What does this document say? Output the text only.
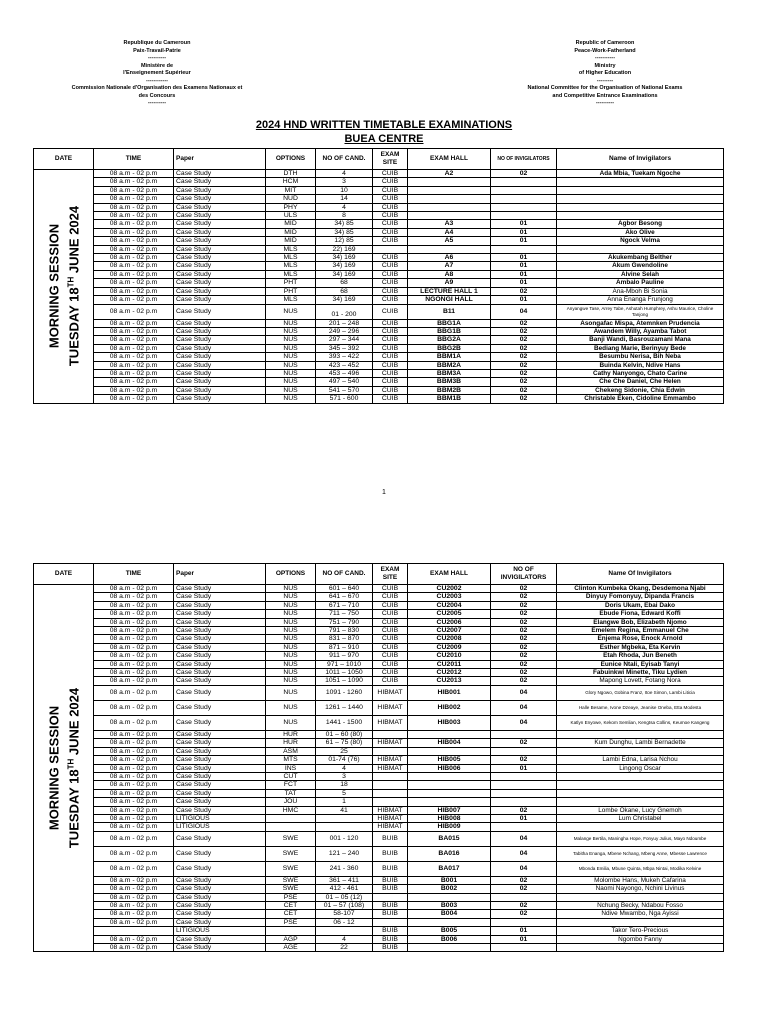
Republique du Cameroun
Paix-Travail-Patrie
----------
Ministère de
l'Enseignement Supérieur
------------
Commission Nationale d'Organisation des Examens Nationaux et
des Concours
----------
Republic of Cameroon
Peace-Work-Fatherland
-----------
Ministry
of Higher Education
---------
National Committee for the Organisation of National Exams
and Competitive Entrance Examinations
----------
2024 HND WRITTEN TIMETABLE EXAMINATIONS
BUEA CENTRE
DATE	TIME	Paper	OPTIONS	NO OF CAND.	EXAM SITE	EXAM HALL	NO OF INVIGILATORS	Name of Invigilators

MORNING SESSION TUESDAY 18TH JUNE 2024	08 a.m - 02 p.m	Case Study	DTH	4	CUIB	A2	02	Ada Mbia, Tuekam Ngoche
	08 a.m - 02 p.m	Case Study	HCM	3	CUIB			
	08 a.m - 02 p.m	Case Study	MIT	10	CUIB			
	08 a.m - 02 p.m	Case Study	NUD	14	CUIB			
	08 a.m - 02 p.m	Case Study	PHY	4	CUIB			
	08 a.m - 02 p.m	Case Study	ULS	8	CUIB			
	08 a.m - 02 p.m	Case Study	MID	34) 85	CUIB	A3	01	Agbor Besong
	08 a.m - 02 p.m	Case Study	MID	34) 85	CUIB	A4	01	Ako Olive
	08 a.m - 02 p.m	Case Study	MID	12) 85	CUIB	A5	01	Ngock Velma
	08 a.m - 02 p.m	Case Study	MLS	22) 169				
	08 a.m - 02 p.m	Case Study	MLS	34) 169	CUIB	A6	01	Akukembang Belther
	08 a.m - 02 p.m	Case Study	MLS	34) 169	CUIB	A7	01	Akum Gwendoline
	08 a.m - 02 p.m	Case Study	MLS	34) 169	CUIB	A8	01	Alvine Selah
	08 a.m - 02 p.m	Case Study	PHT	68	CUIB	A9	01	Ambalo Pauline
	08 a.m - 02 p.m	Case Study	PHT	68	CUIB	LECTURE HALL 1	02	Ana-Mboh Bi Sonia
	08 a.m - 02 p.m	Case Study	MLS	34) 169	CUIB	NGONGI HALL	01	Anna Enanga Frunjong
	08 a.m - 02 p.m	Case Study	NUS	01 - 200	CUIB	B11	04	Anyangwe Tase, Arrey Tabe, Ashutah Humphrey, Ashu Maurice, Choline Tanjong
	08 a.m - 02 p.m	Case Study	NUS	201 – 248	CUIB	BBG1A	02	Asongafac Mispa, Atemnken Prudencia
	08 a.m - 02 p.m	Case Study	NUS	249 – 296	CUIB	BBG1B	02	Awandem Willy, Ayamba Tabot
	08 a.m - 02 p.m	Case Study	NUS	297 – 344	CUIB	BBG2A	02	Banji Wandi, Basrouzamani Mana
	08 a.m - 02 p.m	Case Study	NUS	345 – 392	CUIB	BBG2B	02	Bediang Marie, Berinyuy Bede
	08 a.m - 02 p.m	Case Study	NUS	393 – 422	CUIB	BBM1A	02	Besumbu Nerisa, Bih Neba
	08 a.m - 02 p.m	Case Study	NUS	423 – 452	CUIB	BBM2A	02	Buinda Kelvin, Ndive Hans
	08 a.m - 02 p.m	Case Study	NUS	453 – 496	CUIB	BBM3A	02	Cathy Nanyongo, Chato Carine
	08 a.m - 02 p.m	Case Study	NUS	497 – 540	CUIB	BBM3B	02	Che Che Daniel, Che Helen
	08 a.m - 02 p.m	Case Study	NUS	541 – 570	CUIB	BBM2B	02	Chekeng Sidonie, Chia Edwin
	08 a.m - 02 p.m	Case Study	NUS	571 - 600	CUIB	BBM1B	02	Christable Eken, Cidoline Emmambo
1
DATE	TIME	Paper	OPTIONS	NO OF CAND.	EXAM SITE	EXAM HALL	NO OF INVIGILATORS	Name Of Invigilators

MORNING SESSION TUESDAY 18TH JUNE 2024	08 a.m - 02 p.m	Case Study	NUS	601 – 640	CUIB	CU2002	02	Clinton Kumbeka Okang, Desdemona Njabi
	08 a.m - 02 p.m	Case Study	NUS	641 – 670	CUIB	CU2003	02	Dinyuy Fomonyuy, Dipanda Francis
	08 a.m - 02 p.m	Case Study	NUS	671 – 710	CUIB	CU2004	02	Doris Ukam, Ebai Dako
	08 a.m - 02 p.m	Case Study	NUS	711 – 750	CUIB	CU2005	02	Ebude Fiona, Edward Koffi
	08 a.m - 02 p.m	Case Study	NUS	751 – 790	CUIB	CU2006	02	Elangwe Bob, Elizabeth Njomo
	08 a.m - 02 p.m	Case Study	NUS	791 – 830	CUIB	CU2007	02	Emelem Regina, Emmanuel Che
	08 a.m - 02 p.m	Case Study	NUS	831 – 870	CUIB	CU2008	02	Enjema Rose, Enock Arnold
	08 a.m - 02 p.m	Case Study	NUS	871 – 910	CUIB	CU2009	02	Esther Mgbeka, Eta Kervin
	08 a.m - 02 p.m	Case Study	NUS	911 – 970	CUIB	CU2010	02	Etah Rhoda, Jun Beneth
	08 a.m - 02 p.m	Case Study	NUS	971 – 1010	CUIB	CU2011	02	Eunice Ntali, Eyisab Tanyi
	08 a.m - 02 p.m	Case Study	NUS	1011 – 1050	CUIB	CU2012	02	Fabuinkwi Minette, Tiku Lydien
	08 a.m - 02 p.m	Case Study	NUS	1051 – 1090	CUIB	CU2013	02	Mapong Lovett, Fotang Nora
	08 a.m - 02 p.m	Case Study	NUS	1091 - 1260	HIBMAT	HIB001	04	Glory Ngowo, Gobina Franz, Itoe Simon, Lambi Liticia
	08 a.m - 02 p.m	Case Study	NUS	1261 – 1440	HIBMAT	HIB002	04	Halle Besame, Ivone Dzeaye, Jeanise Oneba, Etta Modesta
	08 a.m - 02 p.m	Case Study	NUS	1441 - 1500	HIBMAT	HIB003	04	Katlyn Enyowe, Kekom Semlian, Kengtsa Collins, Keumoe Kangeng
	08 a.m - 02 p.m	Case Study	HUR	01 – 60 (80)				
	08 a.m - 02 p.m	Case Study	HUR	61 – 75 (80)	HIBMAT	HIB004	02	Kum Dunghu, Lambi Bernadette
	08 a.m - 02 p.m	Case Study	ASM	25				
	08 a.m - 02 p.m	Case Study	MTS	01-74 (76)	HIBMAT	HIB005	02	Lambi Edna, Larisa Nchou
	08 a.m - 02 p.m	Case Study	INS	4	HIBMAT	HIB006	01	Lingong Oscar
	08 a.m - 02 p.m	Case Study	CUT	3				
	08 a.m - 02 p.m	Case Study	FCT	18				
	08 a.m - 02 p.m	Case Study	TAT	5				
	08 a.m - 02 p.m	Case Study	JOU	1				
	08 a.m - 02 p.m	Case Study	HMC	41	HIBMAT	HIB007	02	Lombe Okane, Lucy Gnemoh
	08 a.m - 02 p.m	LITIGIOUS			HIBMAT	HIB008	01	Lum Christabel
	08 a.m - 02 p.m	LITIGIOUS			HIBMAT	HIB009		
	08 a.m - 02 p.m	Case Study	SWE	001 - 120	BUIB	BA015	04	Malange Bertila, Maningha Hope, Fonyuy Julius, Mayo Ndoumbe
	08 a.m - 02 p.m	Case Study	SWE	121 – 240	BUIB	BA016	04	Tabitha Enanga, Mbene Nchang, Mbeng Anne, Mbesse Lawrence
	08 a.m - 02 p.m	Case Study	SWE	241 - 360	BUIB	BA017	04	Mbonda Emilia, Mbune Quinta, Mbpa Nintai, Modika Kelvine
	08 a.m - 02 p.m	Case Study	SWE	361 – 411	BUIB	B001	02	Molombe Hans, Mukeh Cafarina
	08 a.m - 02 p.m	Case Study	SWE	412 - 461	BUIB	B002	02	Naomi Nayongo, Nchini Livinus
	08 a.m - 02 p.m	Case Study	PSE	01 – 05 (12)				
	08 a.m - 02 p.m	Case Study	CET	01 – 57 (108)	BUIB	B003	02	Nchung Becky, Ndabou Fosso
	08 a.m - 02 p.m	Case Study	CET	58-107	BUIB	B004	02	Ndive Mwambo, Nga Ayissi
	08 a.m - 02 p.m	Case Study	PSE	06 - 12				
		LITIGIOUS			BUIB	B005	01	Takor Tero-Precious
	08 a.m - 02 p.m	Case Study	AGP	4	BUIB	B006	01	Ngombo Fanny
	08 a.m - 02 p.m	Case Study	AGE	22	BUIB			
